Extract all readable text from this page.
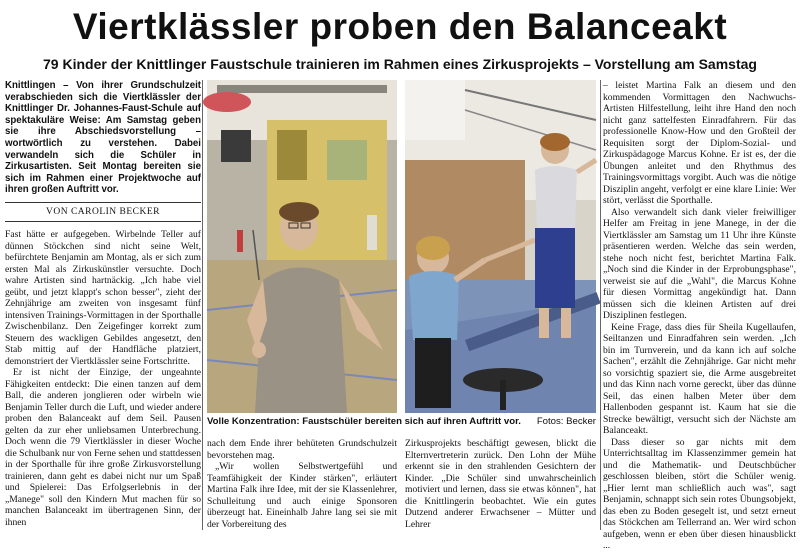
Viertklässler proben den Balanceakt
79 Kinder der Knittlinger Faustschule trainieren im Rahmen eines Zirkusprojekts – Vorstellung am Samstag
Knittlingen – Von ihrer Grundschulzeit verabschieden sich die Viertklässler der Knittlinger Dr. Johannes-Faust-Schule auf spektakuläre Weise: Am Samstag geben sie ihre Abschiedsvorstellung – wortwörtlich zu verstehen. Dabei verwandeln sich die Schüler in Zirkusartisten. Seit Montag bereiten sie sich im Rahmen einer Projektwoche auf ihren großen Auftritt vor.
VON CAROLIN BECKER

Fast hätte er aufgegeben. Wirbelnde Teller auf dünnen Stöckchen sind nicht seine Welt, befürchtete Benjamin am Montag, als er sich zum ersten Mal als Zirkuskünstler versuchte. Doch wahre Artisten sind hartnäckig. „Ich habe viel geübt, und jetzt klappt's schon besser", zieht der Zehnjährige am zweiten von insgesamt fünf intensiven Trainings-Vormittagen in der Sporthalle Zwischenbilanz. Den Zeigefinger korrekt zum Steuern des wackligen Gebildes angesetzt, den Stab mittig auf der Handfläche platziert, demonstriert der Viertklässler seine Fortschritte.

Er ist nicht der Einzige, der ungeahnte Fähigkeiten entdeckt: Die einen tanzen auf dem Ball, die anderen jonglieren oder wirbeln wie Benjamin Teller durch die Luft, und wieder andere proben den Balanceakt auf dem Seil. Pausen gelten da zur eher unliebsamen Unterbrechung. Doch wenn die 79 Viertklässler in dieser Woche die Schulbank nur von Ferne sehen und stattdessen in der Sporthalle für ihre große Zirkusvorstellung trainieren, dann geht es dabei nicht nur um Spaß und Spielerei: Das Erfolgserlebnis in der „Manege" soll den Kindern Mut machen für so manchen Balanceakt im übertragenen Sinn, der ihnen

Volle Konzentration: Faustschüler bereiten sich auf ihren Auftritt vor. Fotos: Becker

nach dem Ende ihrer behüteten Grundschulzeit bevorstehen mag.

„Wir wollen Selbstwertgefühl und Teamfähigkeit der Kinder stärken", erläutert Martina Falk ihre Idee, mit der sie Klassenlehrer, Schulleitung und auch einige Sponsoren überzeugt hat. Eineinhalb Jahre lang sei sie mit der Vorbereitung des

Zirkusprojekts beschäftigt gewesen, blickt die Elternvertreterin zurück. Den Lohn der Mühe erkennt sie in den strahlenden Gesichtern der Kinder. „Die Schüler sind unwahrscheinlich motiviert und lernen, dass sie etwas können", hat die Knittlingerin beobachtet. Wie ein gutes Dutzend anderer Erwachsener – Mütter und Lehrer

– leistet Martina Falk an diesem und den kommenden Vormittagen den Nachwuchs-Artisten Hilfestellung, leiht ihre Hand den noch nicht ganz sattelfesten Einradfahrern. Für das professionelle Know-How und den Großteil der Requisiten sorgt der Diplom-Sozial- und Zirkuspädagoge Marcus Kohne. Er ist es, der die Übungen anleitet und den Rhythmus des Trainingsvormittags vorgibt. Auch was die nötige Disziplin angeht, verfolgt er eine klare Linie: Wer stört, verlässt die Sporthalle.

Also verwandelt sich dank vieler freiwilliger Helfer am Freitag in jene Manege, in der die Viertklässler am Samstag um 11 Uhr ihre Künste präsentieren werden. Welche das sein werden, stehe noch nicht fest, berichtet Martina Falk. „Noch sind die Kinder in der Erprobungsphase", verweist sie auf die „Wahl", die Marcus Kohne für diesen Vormittag angekündigt hat. Dann müssen sich die kleinen Artisten auf drei Disziplinen festlegen.

Keine Frage, dass dies für Sheila Kugellaufen, Seiltanzen und Einradfahren sein werden. „Ich bin im Turnverein, und da kann ich auf solche Sachen", erzählt die Zehnjährige. Gar nicht mehr so vorsichtig spaziert sie, die Arme ausgebreitet und das Kinn nach vorne gereckt, über das dünne Seil, das einen halben Meter über dem Hallenboden gespannt ist. Kaum hat sie die Strecke bewältigt, versucht sich der Nächste am Balanceakt.

Dass dieser so gar nichts mit dem Unterrichtsalltag im Klassenzimmer gemein hat und die Mathematik- und Deutschbücher geschlossen bleiben, stört die Schüler wenig. „Hier lernt man schließlich auch was", sagt Benjamin, schnappt sich sein rotes Übungsobjekt, das eben zu Boden gesegelt ist, und setzt erneut das Stöckchen am Tellerrand an. Wer wird schon aufgeben, wenn er eben über diesen hinausblickt ...
